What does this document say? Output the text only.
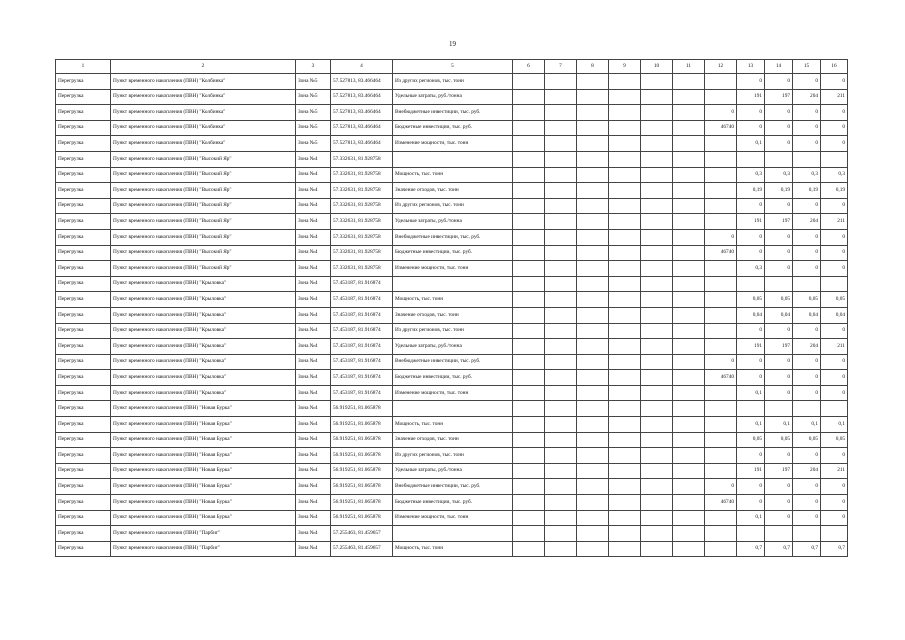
19
1	2	3	4	5	6	7	8	9	10	11	12	13	14	15	16
Перегрузка	Пункт временного накопления (ПВН) "Колбинка"	Зона №5	57.527813, 83.466464	Из других регионов, тыс. тонн								0	0	0	0
Перегрузка	Пункт временного накопления (ПВН) "Колбинка"	Зона №5	57.527813, 83.466464	Удельные затраты, руб./тонна								191	197	204	211
Перегрузка	Пункт временного накопления (ПВН) "Колбинка"	Зона №5	57.527813, 83.466464	Внебюджетные инвестиции, тыс. руб.							0	0	0	0	0
Перегрузка	Пункт временного накопления (ПВН) "Колбинка"	Зона №5	57.527813, 83.466464	Бюджетные инвестиции, тыс. руб.							46740	0	0	0	0
Перегрузка	Пункт временного накопления (ПВН) "Колбинка"	Зона №5	57.527813, 83.466464	Изменение мощности, тыс. тонн								0,1	0	0	0
Перегрузка	Пункт временного накопления (ПВН) "Высокий Яр"	Зона №4	57.332631, 81.928758												
Перегрузка	Пункт временного накопления (ПВН) "Высокий Яр"	Зона №4	57.332631, 81.928758	Мощность, тыс. тонн								0,3	0,3	0,3	0,3
Перегрузка	Пункт временного накопления (ПВН) "Высокий Яр"	Зона №4	57.332631, 81.928758	Значение отходов, тыс. тонн								0,19	0,19	0,19	0,19
Перегрузка	Пункт временного накопления (ПВН) "Высокий Яр"	Зона №4	57.332631, 81.928758	Из других регионов, тыс. тонн								0	0	0	0
Перегрузка	Пункт временного накопления (ПВН) "Высокий Яр"	Зона №4	57.332631, 81.928758	Удельные затраты, руб./тонна								191	197	204	211
Перегрузка	Пункт временного накопления (ПВН) "Высокий Яр"	Зона №4	57.332631, 81.928758	Внебюджетные инвестиции, тыс. руб.							0	0	0	0	0
Перегрузка	Пункт временного накопления (ПВН) "Высокий Яр"	Зона №4	57.332631, 81.928758	Бюджетные инвестиции, тыс. руб.							46740	0	0	0	0
Перегрузка	Пункт временного накопления (ПВН) "Высокий Яр"	Зона №4	57.332631, 81.928758	Изменение мощности, тыс. тонн								0,3	0	0	0
Перегрузка	Пункт временного накопления (ПВН) "Крыловка"	Зона №4	57.453187, 81.916874												
Перегрузка	Пункт временного накопления (ПВН) "Крыловка"	Зона №4	57.453187, 81.916874	Мощность, тыс. тонн								0,05	0,05	0,05	0,05
Перегрузка	Пункт временного накопления (ПВН) "Крыловка"	Зона №4	57.453187, 81.916874	Значение отходов, тыс. тонн								0,04	0,04	0,04	0,04
Перегрузка	Пункт временного накопления (ПВН) "Крыловка"	Зона №4	57.453187, 81.916874	Из других регионов, тыс. тонн								0	0	0	0
Перегрузка	Пункт временного накопления (ПВН) "Крыловка"	Зона №4	57.453187, 81.916874	Удельные затраты, руб./тонна								191	197	204	211
Перегрузка	Пункт временного накопления (ПВН) "Крыловка"	Зона №4	57.453187, 81.916874	Внебюджетные инвестиции, тыс. руб.							0	0	0	0	0
Перегрузка	Пункт временного накопления (ПВН) "Крыловка"	Зона №4	57.453187, 81.916874	Бюджетные инвестиции, тыс. руб.							46740	0	0	0	0
Перегрузка	Пункт временного накопления (ПВН) "Крыловка"	Зона №4	57.453187, 81.916874	Изменение мощности, тыс. тонн								0,1	0	0	0
Перегрузка	Пункт временного накопления (ПВН) "Новая Бурка"	Зона №4	56.919251, 81.065878												
Перегрузка	Пункт временного накопления (ПВН) "Новая Бурка"	Зона №4	56.919251, 81.065878	Мощность, тыс. тонн								0,1	0,1	0,1	0,1
Перегрузка	Пункт временного накопления (ПВН) "Новая Бурка"	Зона №4	56.919251, 81.065878	Значение отходов, тыс. тонн								0,05	0,05	0,05	0,05
Перегрузка	Пункт временного накопления (ПВН) "Новая Бурка"	Зона №4	56.919251, 81.065878	Из других регионов, тыс. тонн								0	0	0	0
Перегрузка	Пункт временного накопления (ПВН) "Новая Бурка"	Зона №4	56.919251, 81.065878	Удельные затраты, руб./тонна								191	197	204	211
Перегрузка	Пункт временного накопления (ПВН) "Новая Бурка"	Зона №4	56.919251, 81.065878	Внебюджетные инвестиции, тыс. руб.							0	0	0	0	0
Перегрузка	Пункт временного накопления (ПВН) "Новая Бурка"	Зона №4	56.919251, 81.065878	Бюджетные инвестиции, тыс. руб.							46740	0	0	0	0
Перегрузка	Пункт временного накопления (ПВН) "Новая Бурка"	Зона №4	56.919251, 81.065878	Изменение мощности, тыс. тонн								0,1	0	0	0
Перегрузка	Пункт временного накопления (ПВН) "Парбиг"	Зона №4	57.255463, 81.459657												
Перегрузка	Пункт временного накопления (ПВН) "Парбиг"	Зона №4	57.255463, 81.459657	Мощность, тыс. тонн								0,7	0,7	0,7	0,7
